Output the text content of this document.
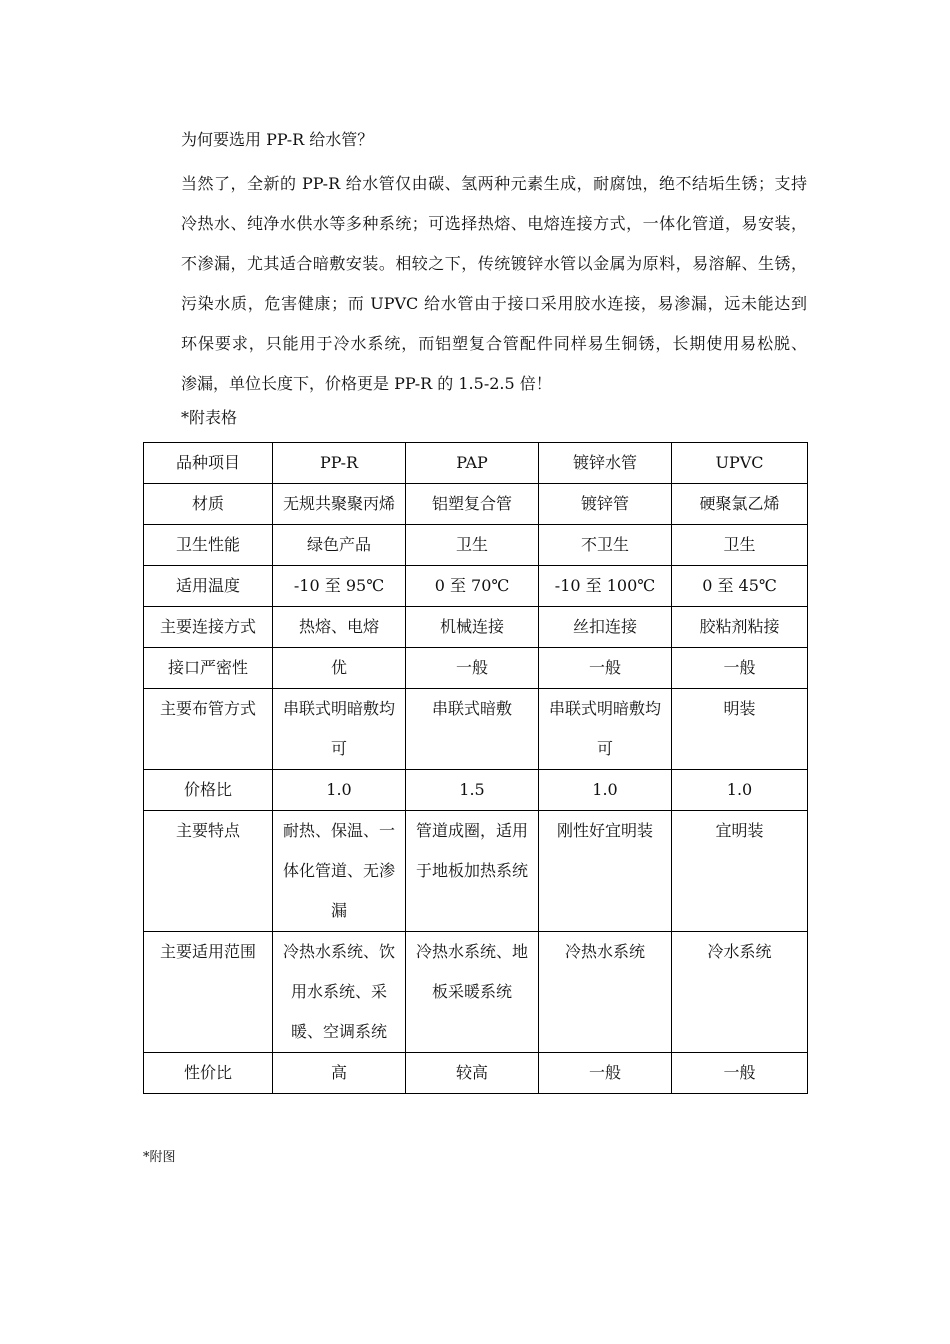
为何要选用 PP-R 给水管？

当然了，全新的 PP-R 给水管仅由碳、氢两种元素生成，耐腐蚀，绝不结垢生锈；支持
冷热水、纯净水供水等多种系统；可选择热熔、电熔连接方式，一体化管道，易安装，
不渗漏，尤其适合暗敷安装。相较之下，传统镀锌水管以金属为原料，易溶解、生锈，
污染水质，危害健康；而 UPVC 给水管由于接口采用胶水连接，易渗漏，远未能达到
环保要求，只能用于冷水系统，而铝塑复合管配件同样易生铜锈，长期使用易松脱、
渗漏，单位长度下，价格更是 PP-R 的 1.5-2.5 倍！

*附表格
品种项目	PP-R	PAP	镀锌水管	UPVC
材质	无规共聚聚丙烯	铝塑复合管	镀锌管	硬聚氯乙烯
卫生性能	绿色产品	卫生	不卫生	卫生
适用温度	-10 至 95℃	0 至 70℃	-10 至 100℃	0 至 45℃
主要连接方式	热熔、电熔	机械连接	丝扣连接	胶粘剂粘接
接口严密性	优	一般	一般	一般
主要布管方式	串联式明暗敷均可	串联式暗敷	串联式明暗敷均可	明装
价格比	1.0	1.5	1.0	1.0
主要特点	耐热、保温、一体化管道、无渗漏	管道成圈，适用于地板加热系统	刚性好宜明装	宜明装
主要适用范围	冷热水系统、饮用水系统、采暖、空调系统	冷热水系统、地板采暖系统	冷热水系统	冷水系统
性价比	高	较高	一般	一般
*附图
